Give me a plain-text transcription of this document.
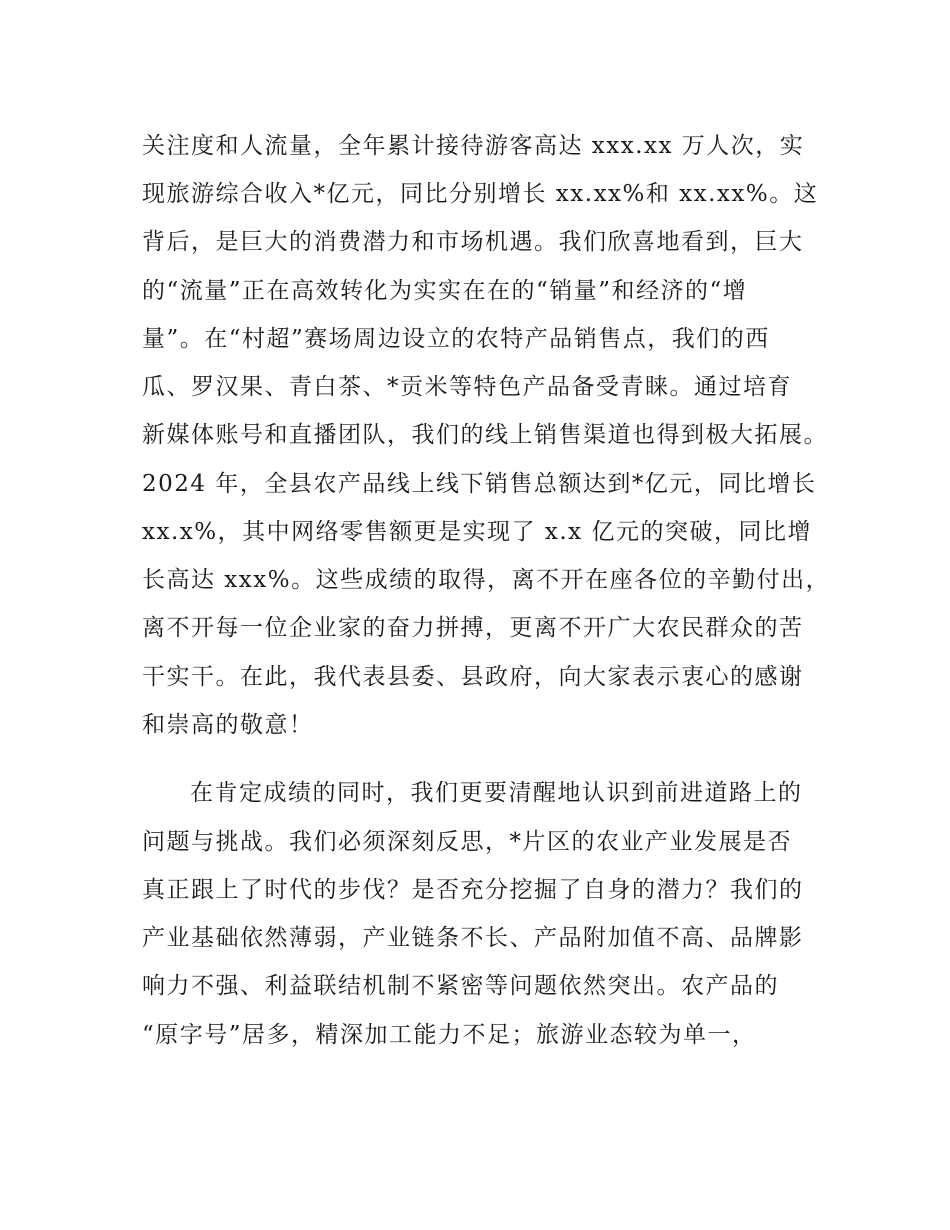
关注度和人流量，全年累计接待游客高达 xxx.xx 万人次，实
现旅游综合收入*亿元，同比分别增长 xx.xx%和 xx.xx%。这
背后，是巨大的消费潜力和市场机遇。我们欣喜地看到，巨大
的“流量”正在高效转化为实实在在的“销量”和经济的“增
量”。在“村超”赛场周边设立的农特产品销售点，我们的西
瓜、罗汉果、青白茶、*贡米等特色产品备受青睐。通过培育
新媒体账号和直播团队，我们的线上销售渠道也得到极大拓展。
2024 年，全县农产品线上线下销售总额达到*亿元，同比增长
xx.x%，其中网络零售额更是实现了 x.x 亿元的突破，同比增
长高达 xxx%。这些成绩的取得，离不开在座各位的辛勤付出，
离不开每一位企业家的奋力拼搏，更离不开广大农民群众的苦
干实干。在此，我代表县委、县政府，向大家表示衷心的感谢
和崇高的敬意！
在肯定成绩的同时，我们更要清醒地认识到前进道路上的
问题与挑战。我们必须深刻反思，*片区的农业产业发展是否
真正跟上了时代的步伐？是否充分挖掘了自身的潜力？我们的
产业基础依然薄弱，产业链条不长、产品附加值不高、品牌影
响力不强、利益联结机制不紧密等问题依然突出。农产品的
“原字号”居多，精深加工能力不足；旅游业态较为单一，
